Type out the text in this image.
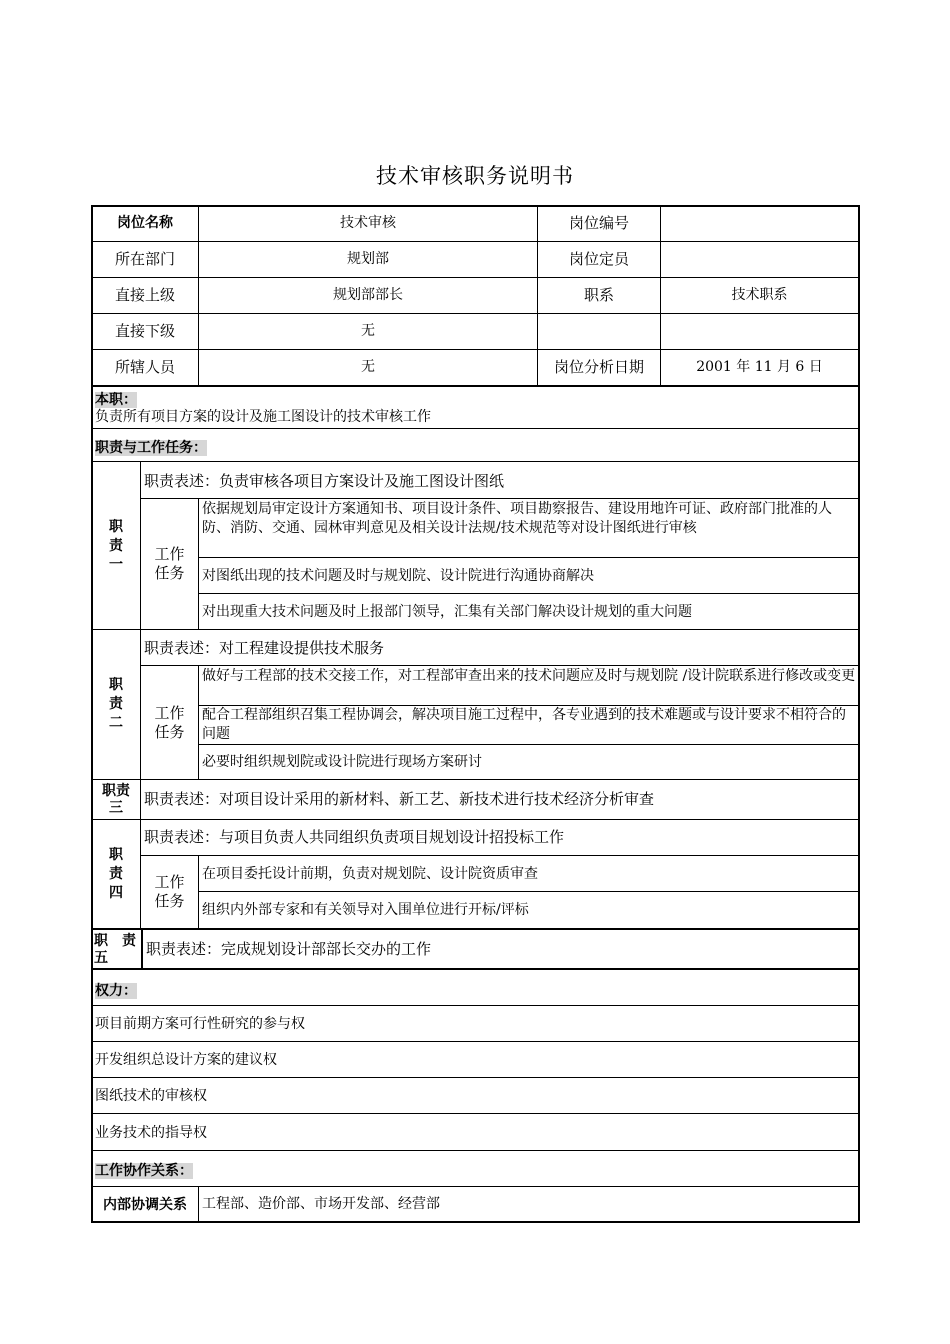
技术审核职务说明书
岗位名称	技术审核	岗位编号
所在部门	规划部	岗位定员
直接上级	规划部部长	职系	技术职系
直接下级	无
所辖人员	无	岗位分析日期	2001 年 11 月 6 日
本职：
负责所有项目方案的设计及施工图设计的技术审核工作
职责与工作任务：
职责一
职责表述：负责审核各项目方案设计及施工图设计图纸
工作任务
依据规划局审定设计方案通知书、项目设计条件、项目勘察报告、建设用地许可证、政府部门批准的人防、消防、交通、园林审判意见及相关设计法规/技术规范等对设计图纸进行审核
对图纸出现的技术问题及时与规划院、设计院进行沟通协商解决
对出现重大技术问题及时上报部门领导，汇集有关部门解决设计规划的重大问题
职责二
职责表述：对工程建设提供技术服务
工作任务
做好与工程部的技术交接工作，对工程部审查出来的技术问题应及时与规划院 /设计院联系进行修改或变更
配合工程部组织召集工程协调会，解决项目施工过程中，各专业遇到的技术难题或与设计要求不相符合的问题
必要时组织规划院或设计院进行现场方案研讨
职责三	职责表述：对项目设计采用的新材料、新工艺、新技术进行技术经济分析审查
职责四
职责表述：与项目负责人共同组织负责项目规划设计招投标工作
工作任务
在项目委托设计前期，负责对规划院、设计院资质审查
组织内外部专家和有关领导对入围单位进行开标/评标
职　责五	职责表述：完成规划设计部部长交办的工作
权力：
项目前期方案可行性研究的参与权
开发组织总设计方案的建议权
图纸技术的审核权
业务技术的指导权
工作协作关系：
内部协调关系	工程部、造价部、市场开发部、经营部
